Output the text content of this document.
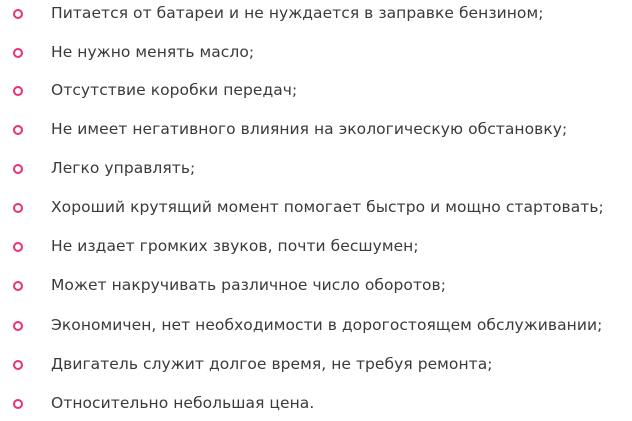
Питается от батареи и не нуждается в заправке бензином;
Не нужно менять масло;
Отсутствие коробки передач;
Не имеет негативного влияния на экологическую обстановку;
Легко управлять;
Хороший крутящий момент помогает быстро и мощно стартовать;
Не издает громких звуков, почти бесшумен;
Может накручивать различное число оборотов;
Экономичен, нет необходимости в дорогостоящем обслуживании;
Двигатель служит долгое время, не требуя ремонта;
Относительно небольшая цена.
